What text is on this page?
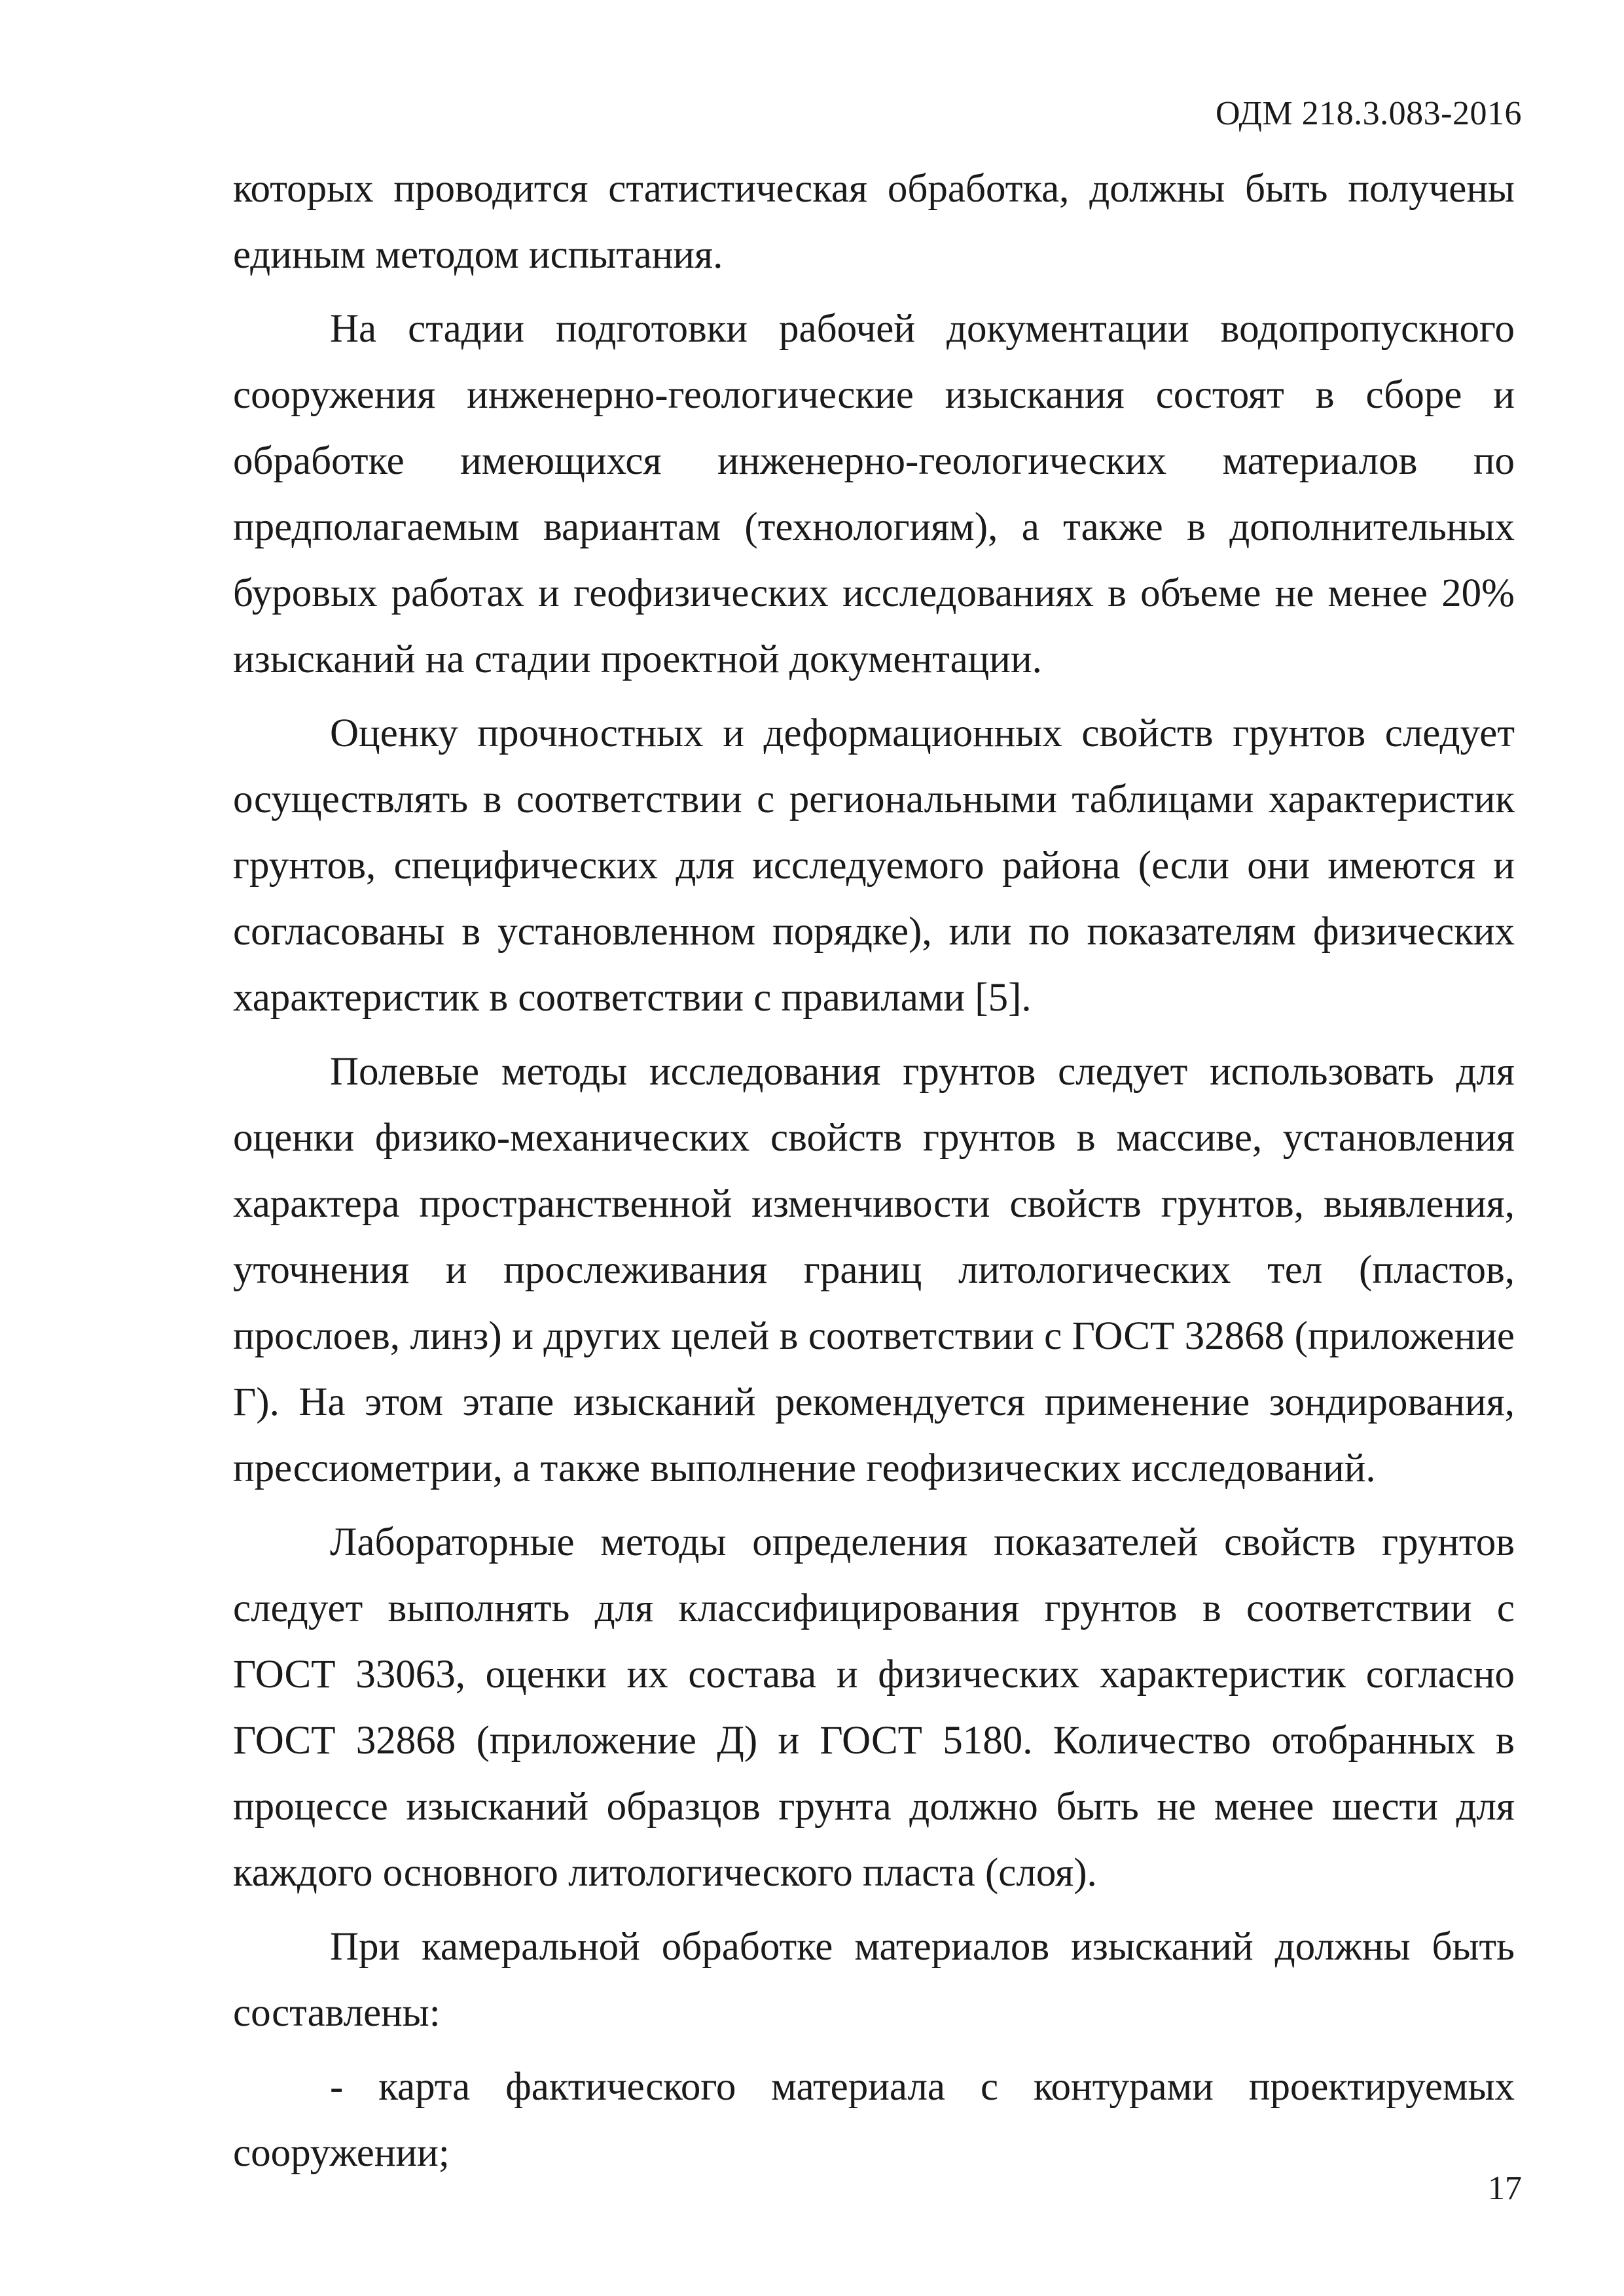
ОДМ 218.3.083-2016

которых проводится статистическая обработка, должны быть получены единым методом испытания.

На стадии подготовки рабочей документации водопропускного сооружения инженерно-геологические изыскания состоят в сборе и обработке имеющихся инженерно-геологических материалов по предполагаемым вариантам (технологиям), а также в дополнительных буровых работах и геофизических исследованиях в объеме не менее 20% изысканий на стадии проектной документации.

Оценку прочностных и деформационных свойств грунтов следует осуществлять в соответствии с региональными таблицами характеристик грунтов, специфических для исследуемого района (если они имеются и согласованы в установленном порядке), или по показателям физических характеристик в соответствии с правилами [5].

Полевые методы исследования грунтов следует использовать для оценки физико-механических свойств грунтов в массиве, установления характера пространственной изменчивости свойств грунтов, выявления, уточнения и прослеживания границ литологических тел (пластов, прослоев, линз) и других целей в соответствии с ГОСТ 32868 (приложение Г). На этом этапе изысканий рекомендуется применение зондирования, прессиометрии, а также выполнение геофизических исследований.

Лабораторные методы определения показателей свойств грунтов следует выполнять для классифицирования грунтов в соответствии с ГОСТ 33063, оценки их состава и физических характеристик согласно ГОСТ 32868 (приложение Д) и ГОСТ 5180. Количество отобранных в процессе изысканий образцов грунта должно быть не менее шести для каждого основного литологического пласта (слоя).

При камеральной обработке материалов изысканий должны быть составлены:

- карта фактического материала с контурами проектируемых сооружении;

17
